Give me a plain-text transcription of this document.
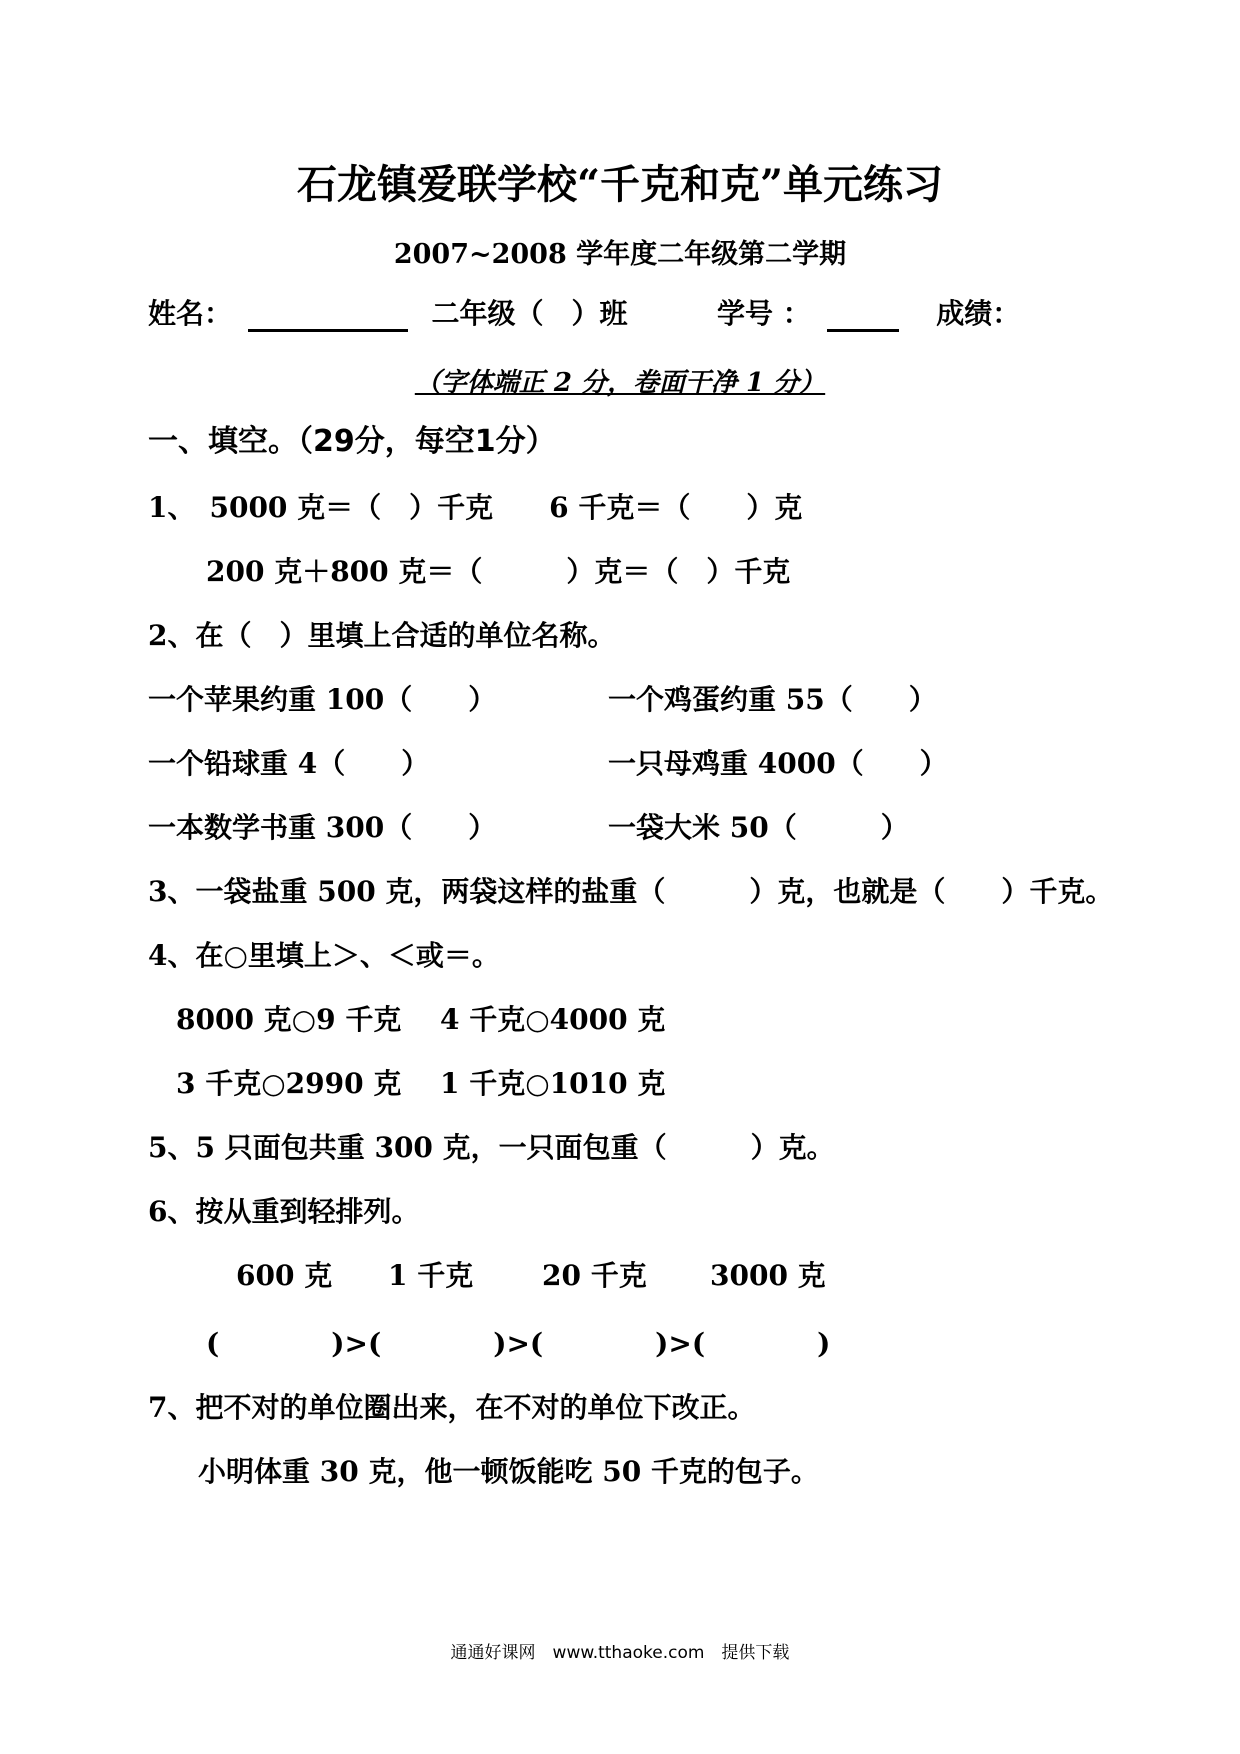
石龙镇爱联学校“千克和克”单元练习
2007~2008 学年度二年级第二学期
姓名：	二年级（　）班	学号 ：	成绩：
（字体端正 2 分，卷面干净 1 分）
一、填空。（29分，每空1分）
1、　5000 克＝（　）千克　　6 千克＝（　　）克
200 克＋800 克＝（　　　）克＝（　）千克
2、在（　）里填上合适的单位名称。
一个苹果约重 100（　　）	一个鸡蛋约重 55（　　）
一个铅球重 4（　　）	一只母鸡重 4000（　　）
一本数学书重 300（　　）	一袋大米 50（　　　）
3、一袋盐重 500 克，两袋这样的盐重（　　　）克，也就是（　　）千克。
4、在○里填上＞、＜或＝。
8000 克○9 千克 4 千克○4000 克
3 千克○2990 克 1 千克○1010 克
5、5 只面包共重 300 克，一只面包重（　　　）克。
6、按从重到轻排列。
600 克 1 千克 20 千克 3000 克
(　　　　)>(　　　　)>(　　　　)>(　　　　)
7、把不对的单位圈出来，在不对的单位下改正。
小明体重 30 克，他一顿饭能吃 50 千克的包子。
通通好课网　www.tthaoke.com　提供下载
